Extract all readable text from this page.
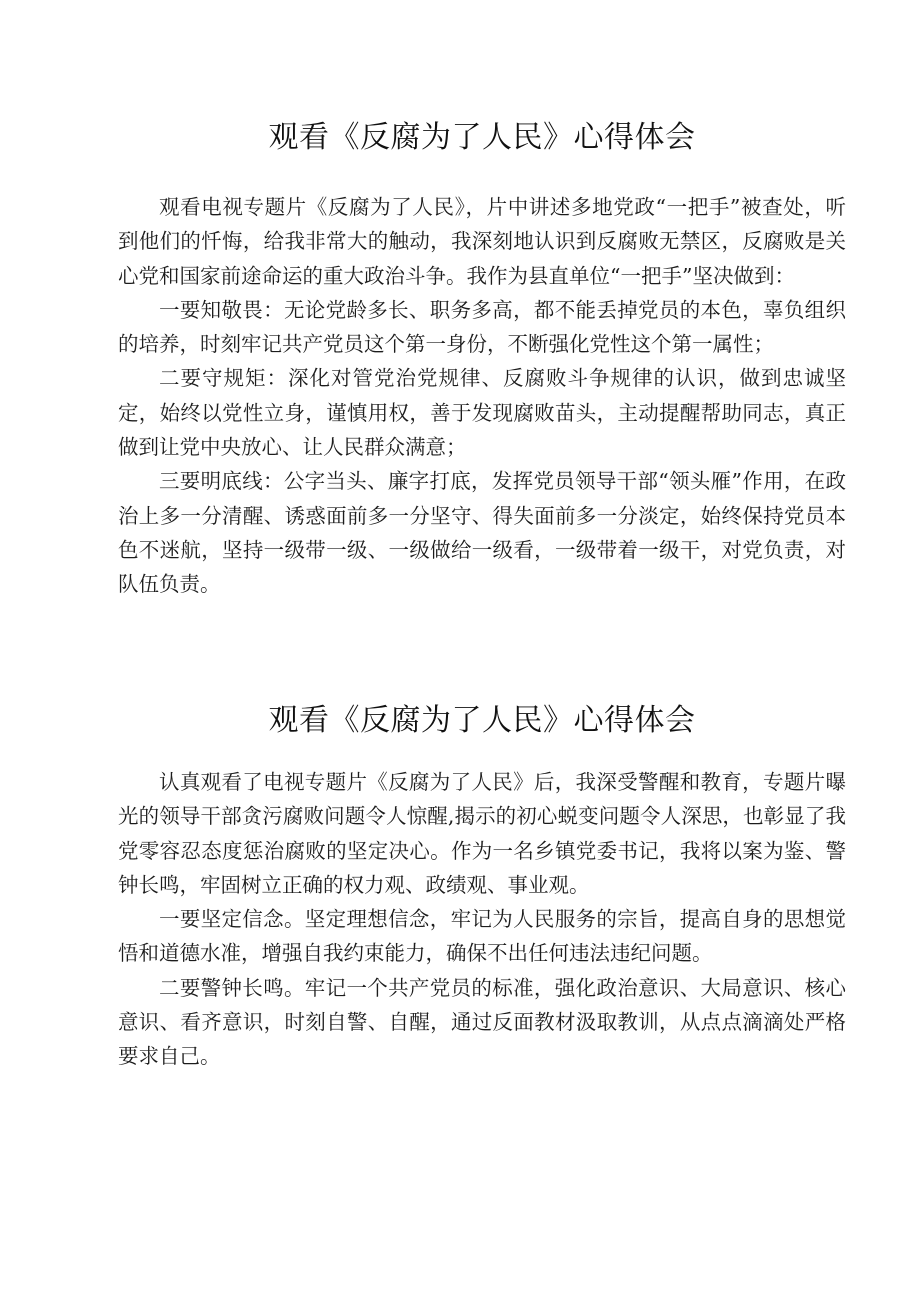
观看《反腐为了人民》心得体会

观看电视专题片《反腐为了人民》，片中讲述多地党政“一把手”被查处，听到他们的忏悔，给我非常大的触动，我深刻地认识到反腐败无禁区，反腐败是关心党和国家前途命运的重大政治斗争。我作为县直单位“一把手”坚决做到：

一要知敬畏：无论党龄多长、职务多高，都不能丢掉党员的本色，辜负组织的培养，时刻牢记共产党员这个第一身份，不断强化党性这个第一属性；

二要守规矩：深化对管党治党规律、反腐败斗争规律的认识，做到忠诚坚定，始终以党性立身，谨慎用权，善于发现腐败苗头，主动提醒帮助同志，真正做到让党中央放心、让人民群众满意；

三要明底线：公字当头、廉字打底，发挥党员领导干部“领头雁”作用，在政治上多一分清醒、诱惑面前多一分坚守、得失面前多一分淡定，始终保持党员本色不迷航，坚持一级带一级、一级做给一级看，一级带着一级干，对党负责，对队伍负责。

观看《反腐为了人民》心得体会

认真观看了电视专题片《反腐为了人民》后，我深受警醒和教育，专题片曝光的领导干部贪污腐败问题令人惊醒,揭示的初心蜕变问题令人深思，也彰显了我党零容忍态度惩治腐败的坚定决心。作为一名乡镇党委书记，我将以案为鉴、警钟长鸣，牢固树立正确的权力观、政绩观、事业观。

一要坚定信念。坚定理想信念，牢记为人民服务的宗旨，提高自身的思想觉悟和道德水准，增强自我约束能力，确保不出任何违法违纪问题。

二要警钟长鸣。牢记一个共产党员的标准，强化政治意识、大局意识、核心意识、看齐意识，时刻自警、自醒，通过反面教材汲取教训，从点点滴滴处严格要求自己。
